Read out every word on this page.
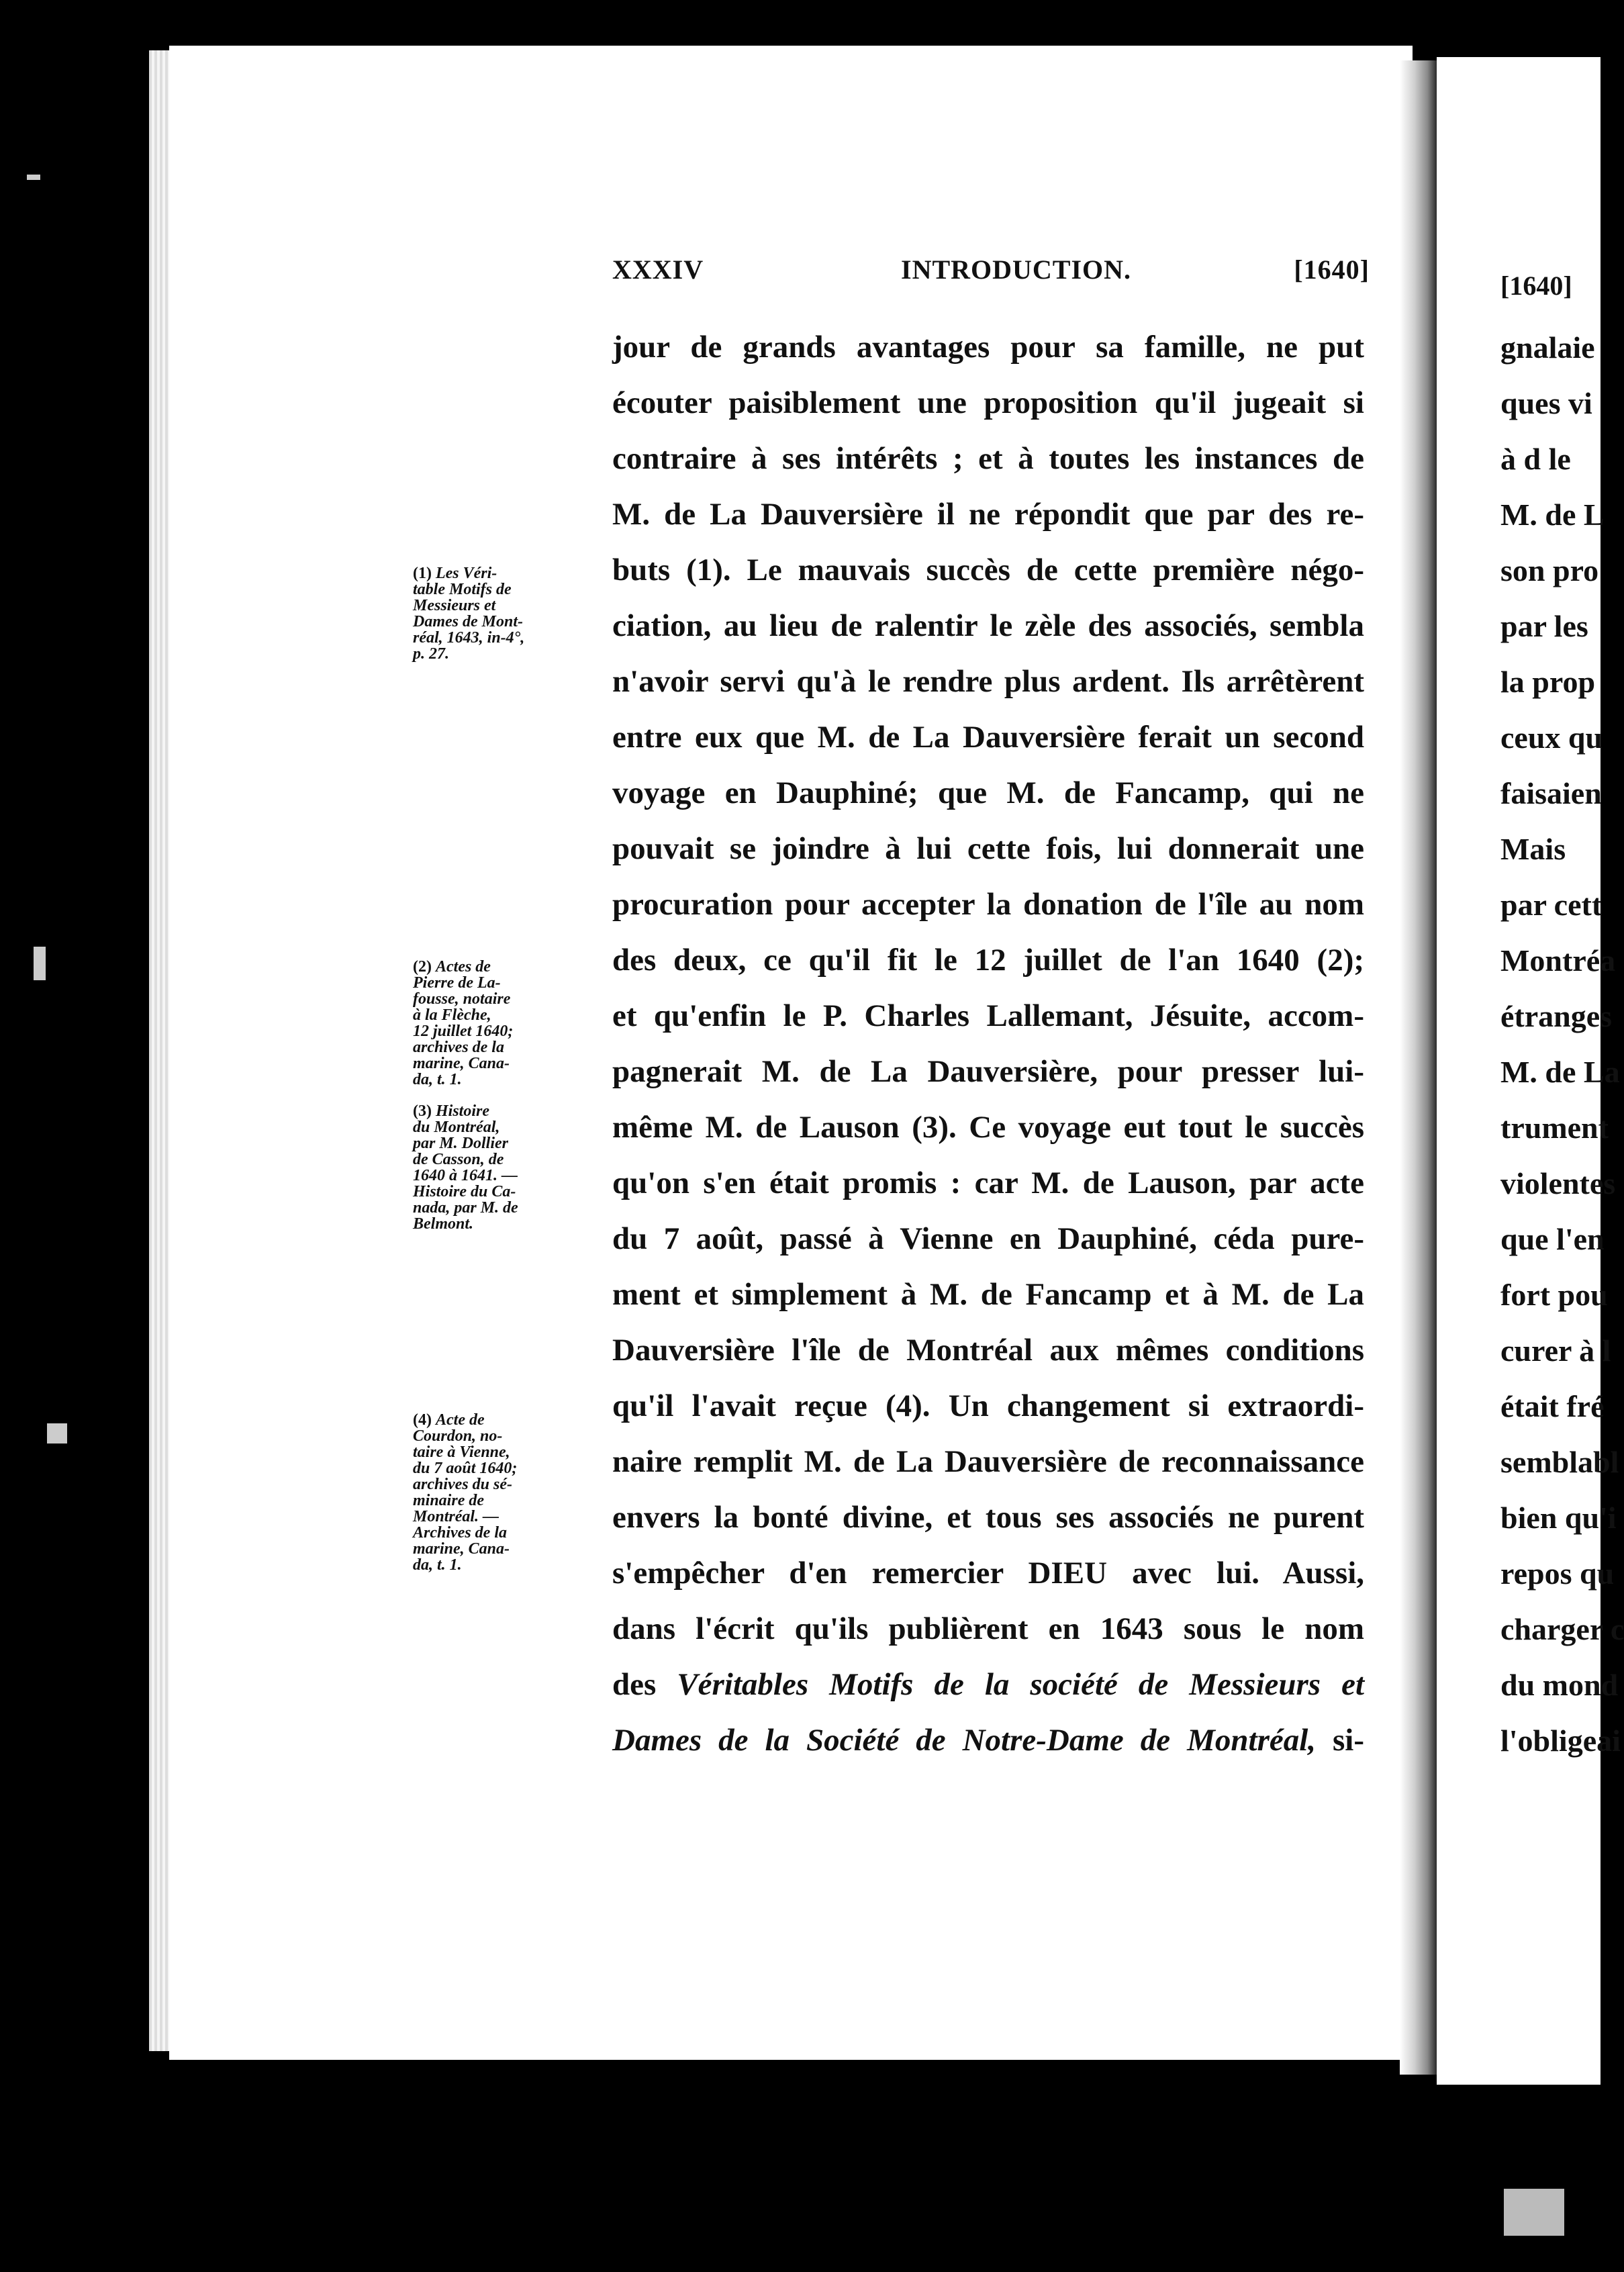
XXXIV	INTRODUCTION.	[1640]
jour de grands avantages pour sa famille, ne put
écouter paisiblement une proposition qu'il jugeait si
contraire à ses intérêts ; et à toutes les instances de
M. de La Dauversière il ne répondit que par des re-
buts (1). Le mauvais succès de cette première négo-
ciation, au lieu de ralentir le zèle des associés, sembla
n'avoir servi qu'à le rendre plus ardent. Ils arrêtèrent
entre eux que M. de La Dauversière ferait un second
voyage en Dauphiné; que M. de Fancamp, qui ne
pouvait se joindre à lui cette fois, lui donnerait une
procuration pour accepter la donation de l'île au nom
des deux, ce qu'il fit le 12 juillet de l'an 1640 (2);
et qu'enfin le P. Charles Lallemant, Jésuite, accom-
pagnerait M. de La Dauversière, pour presser lui-
même M. de Lauson (3). Ce voyage eut tout le succès
qu'on s'en était promis : car M. de Lauson, par acte
du 7 août, passé à Vienne en Dauphiné, céda pure-
ment et simplement à M. de Fancamp et à M. de La
Dauversière l'île de Montréal aux mêmes conditions
qu'il l'avait reçue (4). Un changement si extraordi-
naire remplit M. de La Dauversière de reconnaissance
envers la bonté divine, et tous ses associés ne purent
s'empêcher d'en remercier DIEU avec lui. Aussi,
dans l'écrit qu'ils publièrent en 1643 sous le nom
des Véritables Motifs de la société de Messieurs et
Dames de la Société de Notre-Dame de Montréal, si-

(1) Les Véri-

table Motifs de

Messieurs et

Dames de Mont-

réal, 1643, in-4°,

p. 27.

(2) Actes de

Pierre de La-

fousse, notaire

à la Flèche,

12 juillet 1640;

archives de la

marine, Cana-

da, t. 1.

(3) Histoire

du Montréal,

par M. Dollier

de Casson, de

1640 à 1641. —

Histoire du Ca-

nada, par M. de

Belmont.

(4) Acte de

Courdon, no-

taire à Vienne,

du 7 août 1640;

archives du sé-

minaire de

Montréal. —

Archives de la

marine, Cana-

da, t. 1.

[1640]
gnalaie
ques vi
à d le
M. de L
son pro
par les
la prop
ceux qu
faisaien
Mais
par cett
Montréa
étranges
M. de La
trument
violentes
que l'en
fort pou
curer à l
était fré
semblabl
bien qu'i
repos qu
charger c
du mond
l'obligeai
